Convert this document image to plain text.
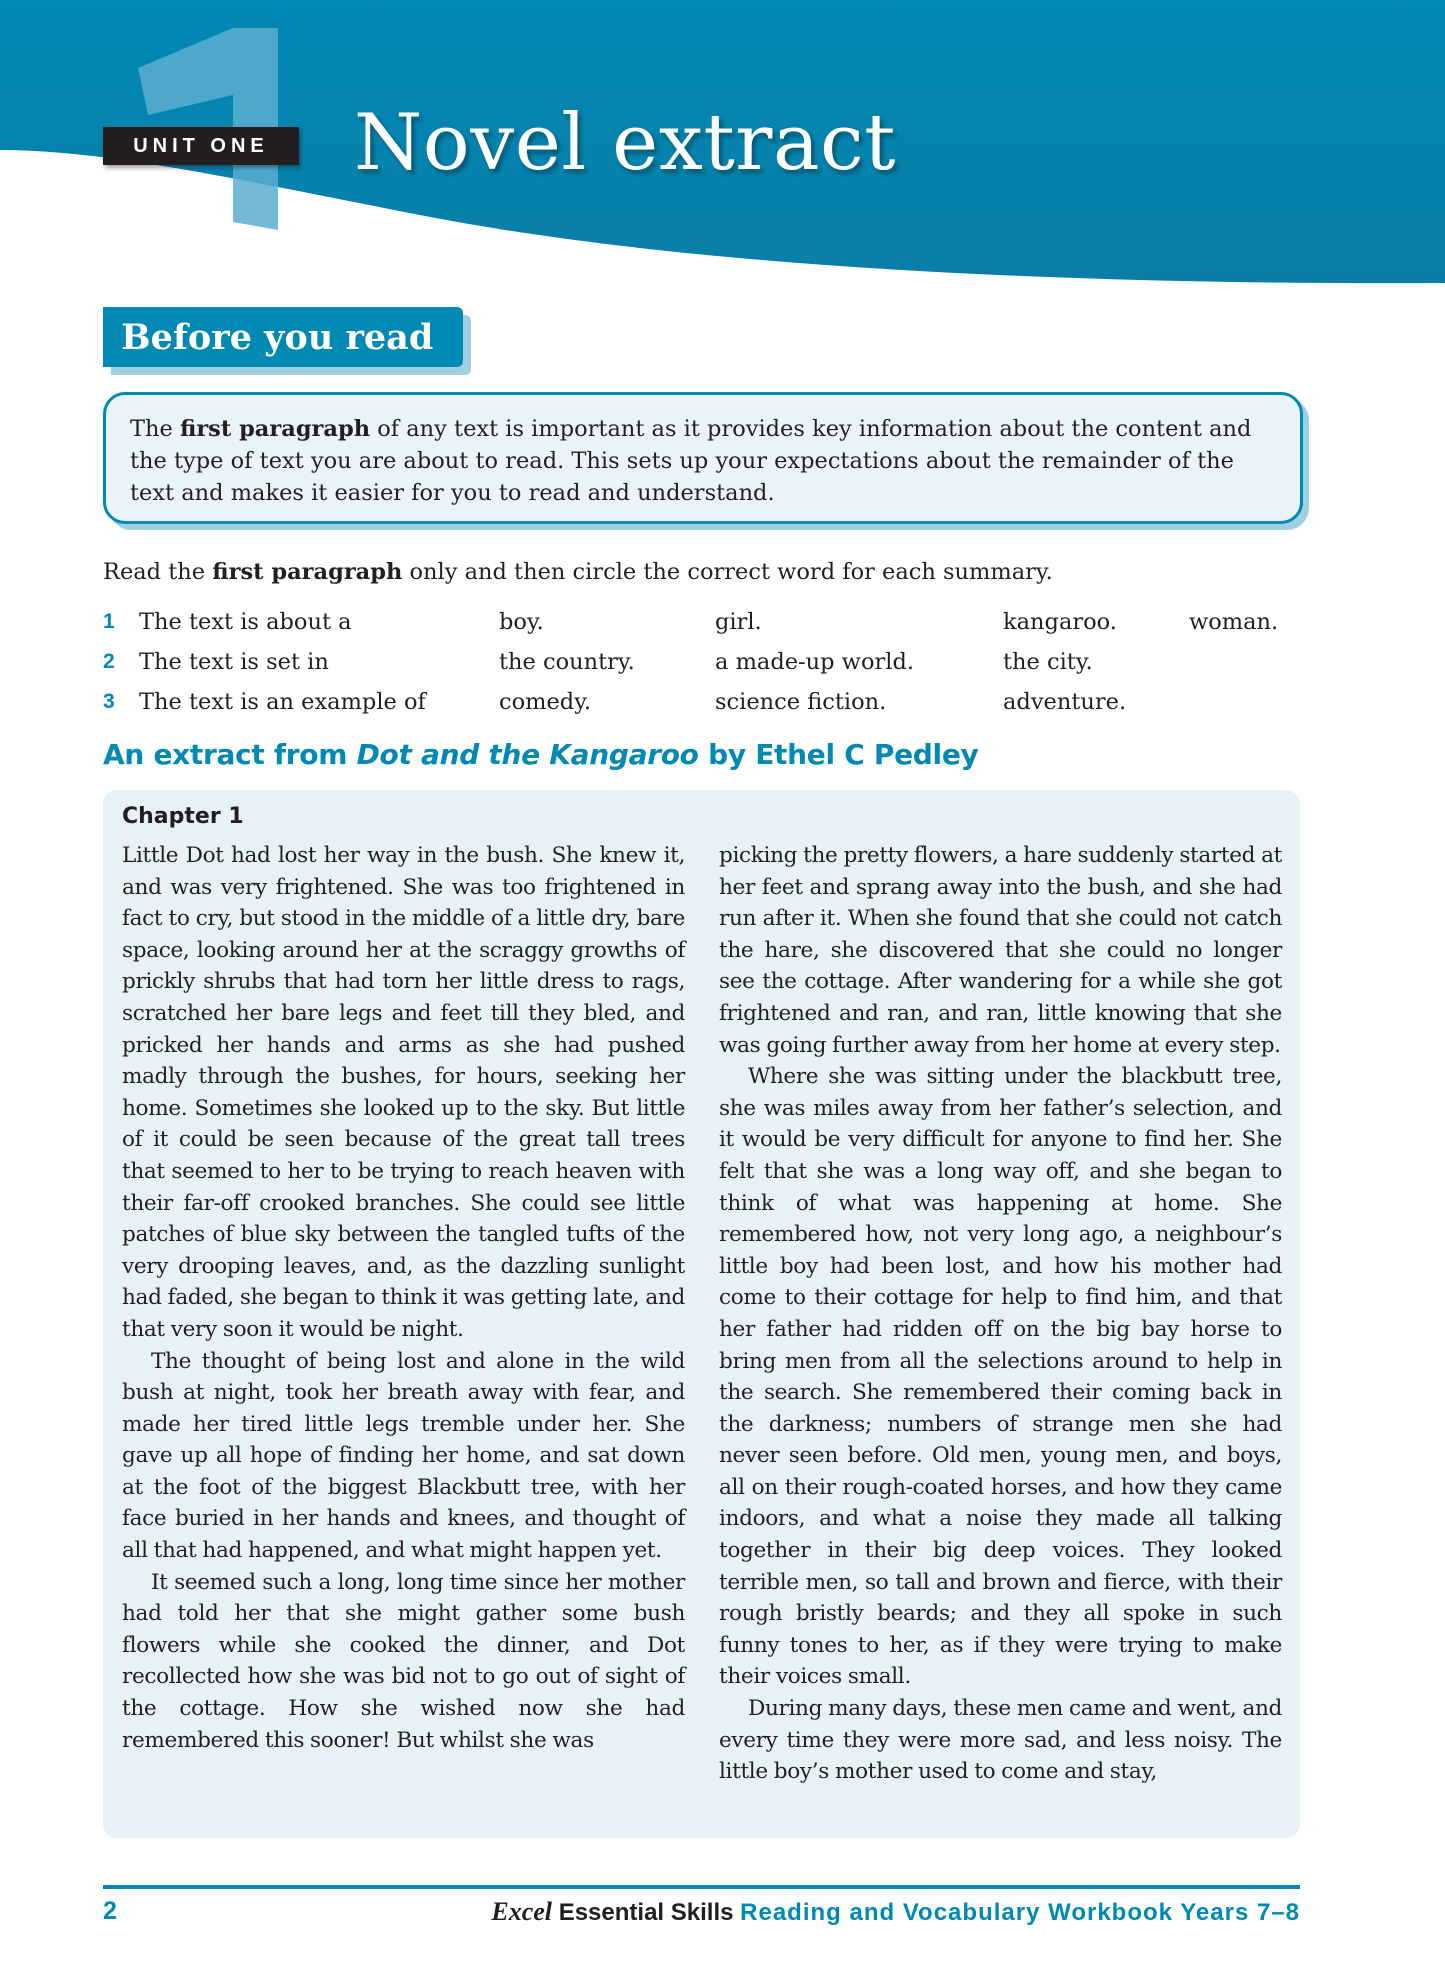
UNIT ONE	Novel extract
Before you read
The first paragraph of any text is important as it provides key information about the content and the type of text you are about to read. This sets up your expectations about the remainder of the text and makes it easier for you to read and understand.
Read the first paragraph only and then circle the correct word for each summary.
1 The text is about a	boy.	girl.	kangaroo.	woman.
2 The text is set in	the country.	a made-up world.	the city.
3 The text is an example of	comedy.	science fiction.	adventure.
An extract from Dot and the Kangaroo by Ethel C Pedley
Chapter 1

Little Dot had lost her way in the bush. She knew it, and was very frightened. She was too frightened in fact to cry, but stood in the middle of a little dry, bare space, looking around her at the scraggy growths of prickly shrubs that had torn her little dress to rags, scratched her bare legs and feet till they bled, and pricked her hands and arms as she had pushed madly through the bushes, for hours, seeking her home. Sometimes she looked up to the sky. But little of it could be seen because of the great tall trees that seemed to her to be trying to reach heaven with their far-off crooked branches. She could see little patches of blue sky between the tangled tufts of the very drooping leaves, and, as the dazzling sunlight had faded, she began to think it was getting late, and that very soon it would be night.

The thought of being lost and alone in the wild bush at night, took her breath away with fear, and made her tired little legs tremble under her. She gave up all hope of finding her home, and sat down at the foot of the biggest Blackbutt tree, with her face buried in her hands and knees, and thought of all that had happened, and what might happen yet.

It seemed such a long, long time since her mother had told her that she might gather some bush flowers while she cooked the dinner, and Dot recollected how she was bid not to go out of sight of the cottage. How she wished now she had remembered this sooner! But whilst she was

picking the pretty flowers, a hare suddenly started at her feet and sprang away into the bush, and she had run after it. When she found that she could not catch the hare, she discovered that she could no longer see the cottage. After wandering for a while she got frightened and ran, and ran, little knowing that she was going further away from her home at every step.

Where she was sitting under the blackbutt tree, she was miles away from her father’s selection, and it would be very difficult for anyone to find her. She felt that she was a long way off, and she began to think of what was happening at home. She remembered how, not very long ago, a neighbour’s little boy had been lost, and how his mother had come to their cottage for help to find him, and that her father had ridden off on the big bay horse to bring men from all the selections around to help in the search. She remembered their coming back in the darkness; numbers of strange men she had never seen before. Old men, young men, and boys, all on their rough-coated horses, and how they came indoors, and what a noise they made all talking together in their big deep voices. They looked terrible men, so tall and brown and fierce, with their rough bristly beards; and they all spoke in such funny tones to her, as if they were trying to make their voices small.

During many days, these men came and went, and every time they were more sad, and less noisy. The little boy’s mother used to come and stay,

2	Excel Essential Skills Reading and Vocabulary Workbook Years 7–8
